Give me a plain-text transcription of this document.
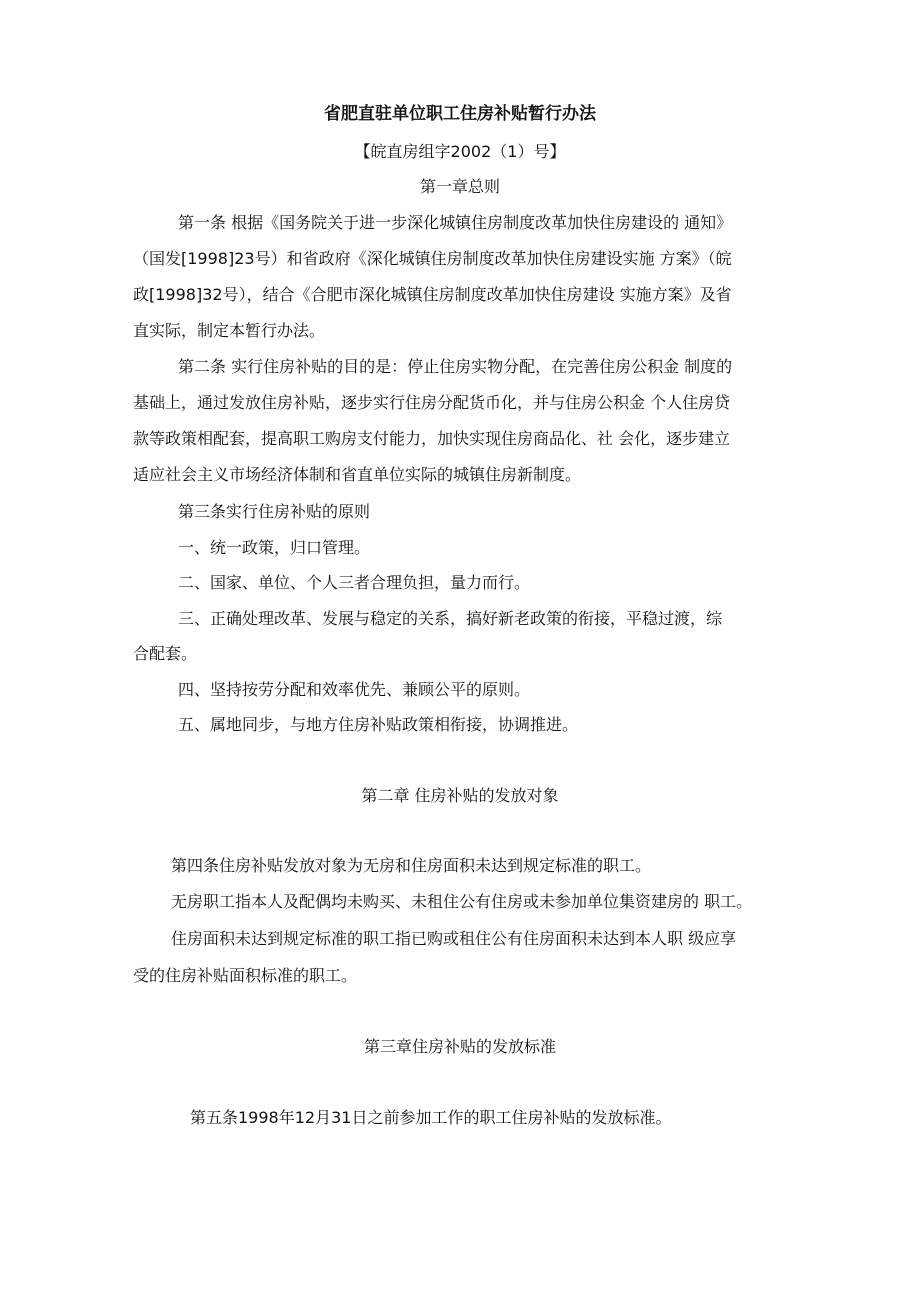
省肥直驻单位职工住房补贴暂行办法
【皖直房组字2002（1）号】
第一章总则
第一条 根据《国务院关于进一步深化城镇住房制度改革加快住房建设的 通知》
（国发[1998]23号）和省政府《深化城镇住房制度改革加快住房建设实施 方案》（皖
政[1998]32号），结合《合肥市深化城镇住房制度改革加快住房建设 实施方案》及省
直实际，制定本暂行办法。
第二条 实行住房补贴的目的是：停止住房实物分配，在完善住房公积金 制度的
基础上，通过发放住房补贴，逐步实行住房分配货币化，并与住房公积金 个人住房贷
款等政策相配套，提高职工购房支付能力，加快实现住房商品化、社 会化，逐步建立
适应社会主义市场经济体制和省直单位实际的城镇住房新制度。
第三条实行住房补贴的原则
一、统一政策，归口管理。
二、国家、单位、个人三者合理负担，量力而行。
三、正确处理改革、发展与稳定的关系，搞好新老政策的衔接，平稳过渡，综
合配套。
四、坚持按劳分配和效率优先、兼顾公平的原则。
五、属地同步，与地方住房补贴政策相衔接，协调推进。
第二章 住房补贴的发放对象
第四条住房补贴发放对象为无房和住房面积未达到规定标准的职工。
无房职工指本人及配偶均未购买、未租住公有住房或未参加单位集资建房的 职工。
住房面积未达到规定标准的职工指已购或租住公有住房面积未达到本人职 级应享
受的住房补贴面积标准的职工。
第三章住房补贴的发放标准
第五条1998年12月31日之前参加工作的职工住房补贴的发放标准。
